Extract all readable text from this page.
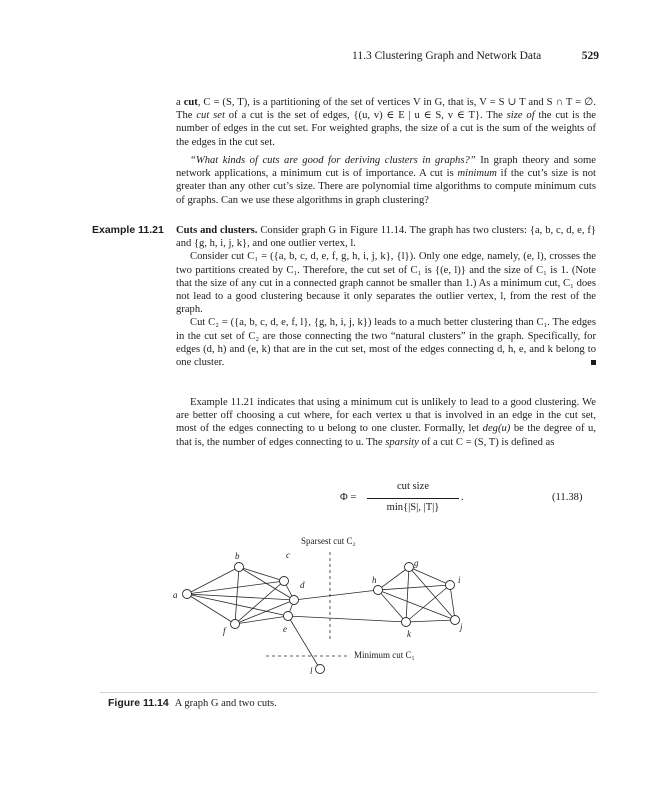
11.3 Clustering Graph and Network Data	529

a cut, C = (S, T), is a partitioning of the set of vertices V in G, that is, V = S ∪ T and S ∩ T = ∅. The cut set of a cut is the set of edges, {(u, v) ∈ E | u ∈ S, v ∈ T}. The size of the cut is the number of edges in the cut set. For weighted graphs, the size of a cut is the sum of the weights of the edges in the cut set.

“What kinds of cuts are good for deriving clusters in graphs?” In graph theory and some network applications, a minimum cut is of importance. A cut is minimum if the cut’s size is not greater than any other cut’s size. There are polynomial time algorithms to compute minimum cuts of graphs. Can we use these algorithms in graph clustering?

Example 11.21 Cuts and clusters. Consider graph G in Figure 11.14. The graph has two clusters: {a, b, c, d, e, f} and {g, h, i, j, k}, and one outlier vertex, l.

Consider cut C₁ = ({a, b, c, d, e, f, g, h, i, j, k}, {l}). Only one edge, namely, (e, l), crosses the two partitions created by C₁. Therefore, the cut set of C₁ is {(e, l)} and the size of C₁ is 1. (Note that the size of any cut in a connected graph cannot be smaller than 1.) As a minimum cut, C₁ does not lead to a good clustering because it only separates the outlier vertex, l, from the rest of the graph.

Cut C₂ = ({a, b, c, d, e, f, l}, {g, h, i, j, k}) leads to a much better clustering than C₁. The edges in the cut set of C₂ are those connecting the two “natural clusters” in the graph. Specifically, for edges (d, h) and (e, k) that are in the cut set, most of the edges connecting d, h, e, and k belong to one cluster.

Example 11.21 indicates that using a minimum cut is unlikely to lead to a good clustering. We are better off choosing a cut where, for each vertex u that is involved in an edge in the cut set, most of the edges connecting to u belong to one cluster. Formally, let deg(u) be the degree of u, that is, the number of edges connecting to u. The sparsity of a cut C = (S, T) is defined as

Φ =
cut size
min{|S|, |T|}
.	(11.38)
a
b	c
d
e
f
g
h	i
j
k
l
Sparsest cut C₂
Minimum cut C₁
Figure 11.14 A graph G and two cuts.
